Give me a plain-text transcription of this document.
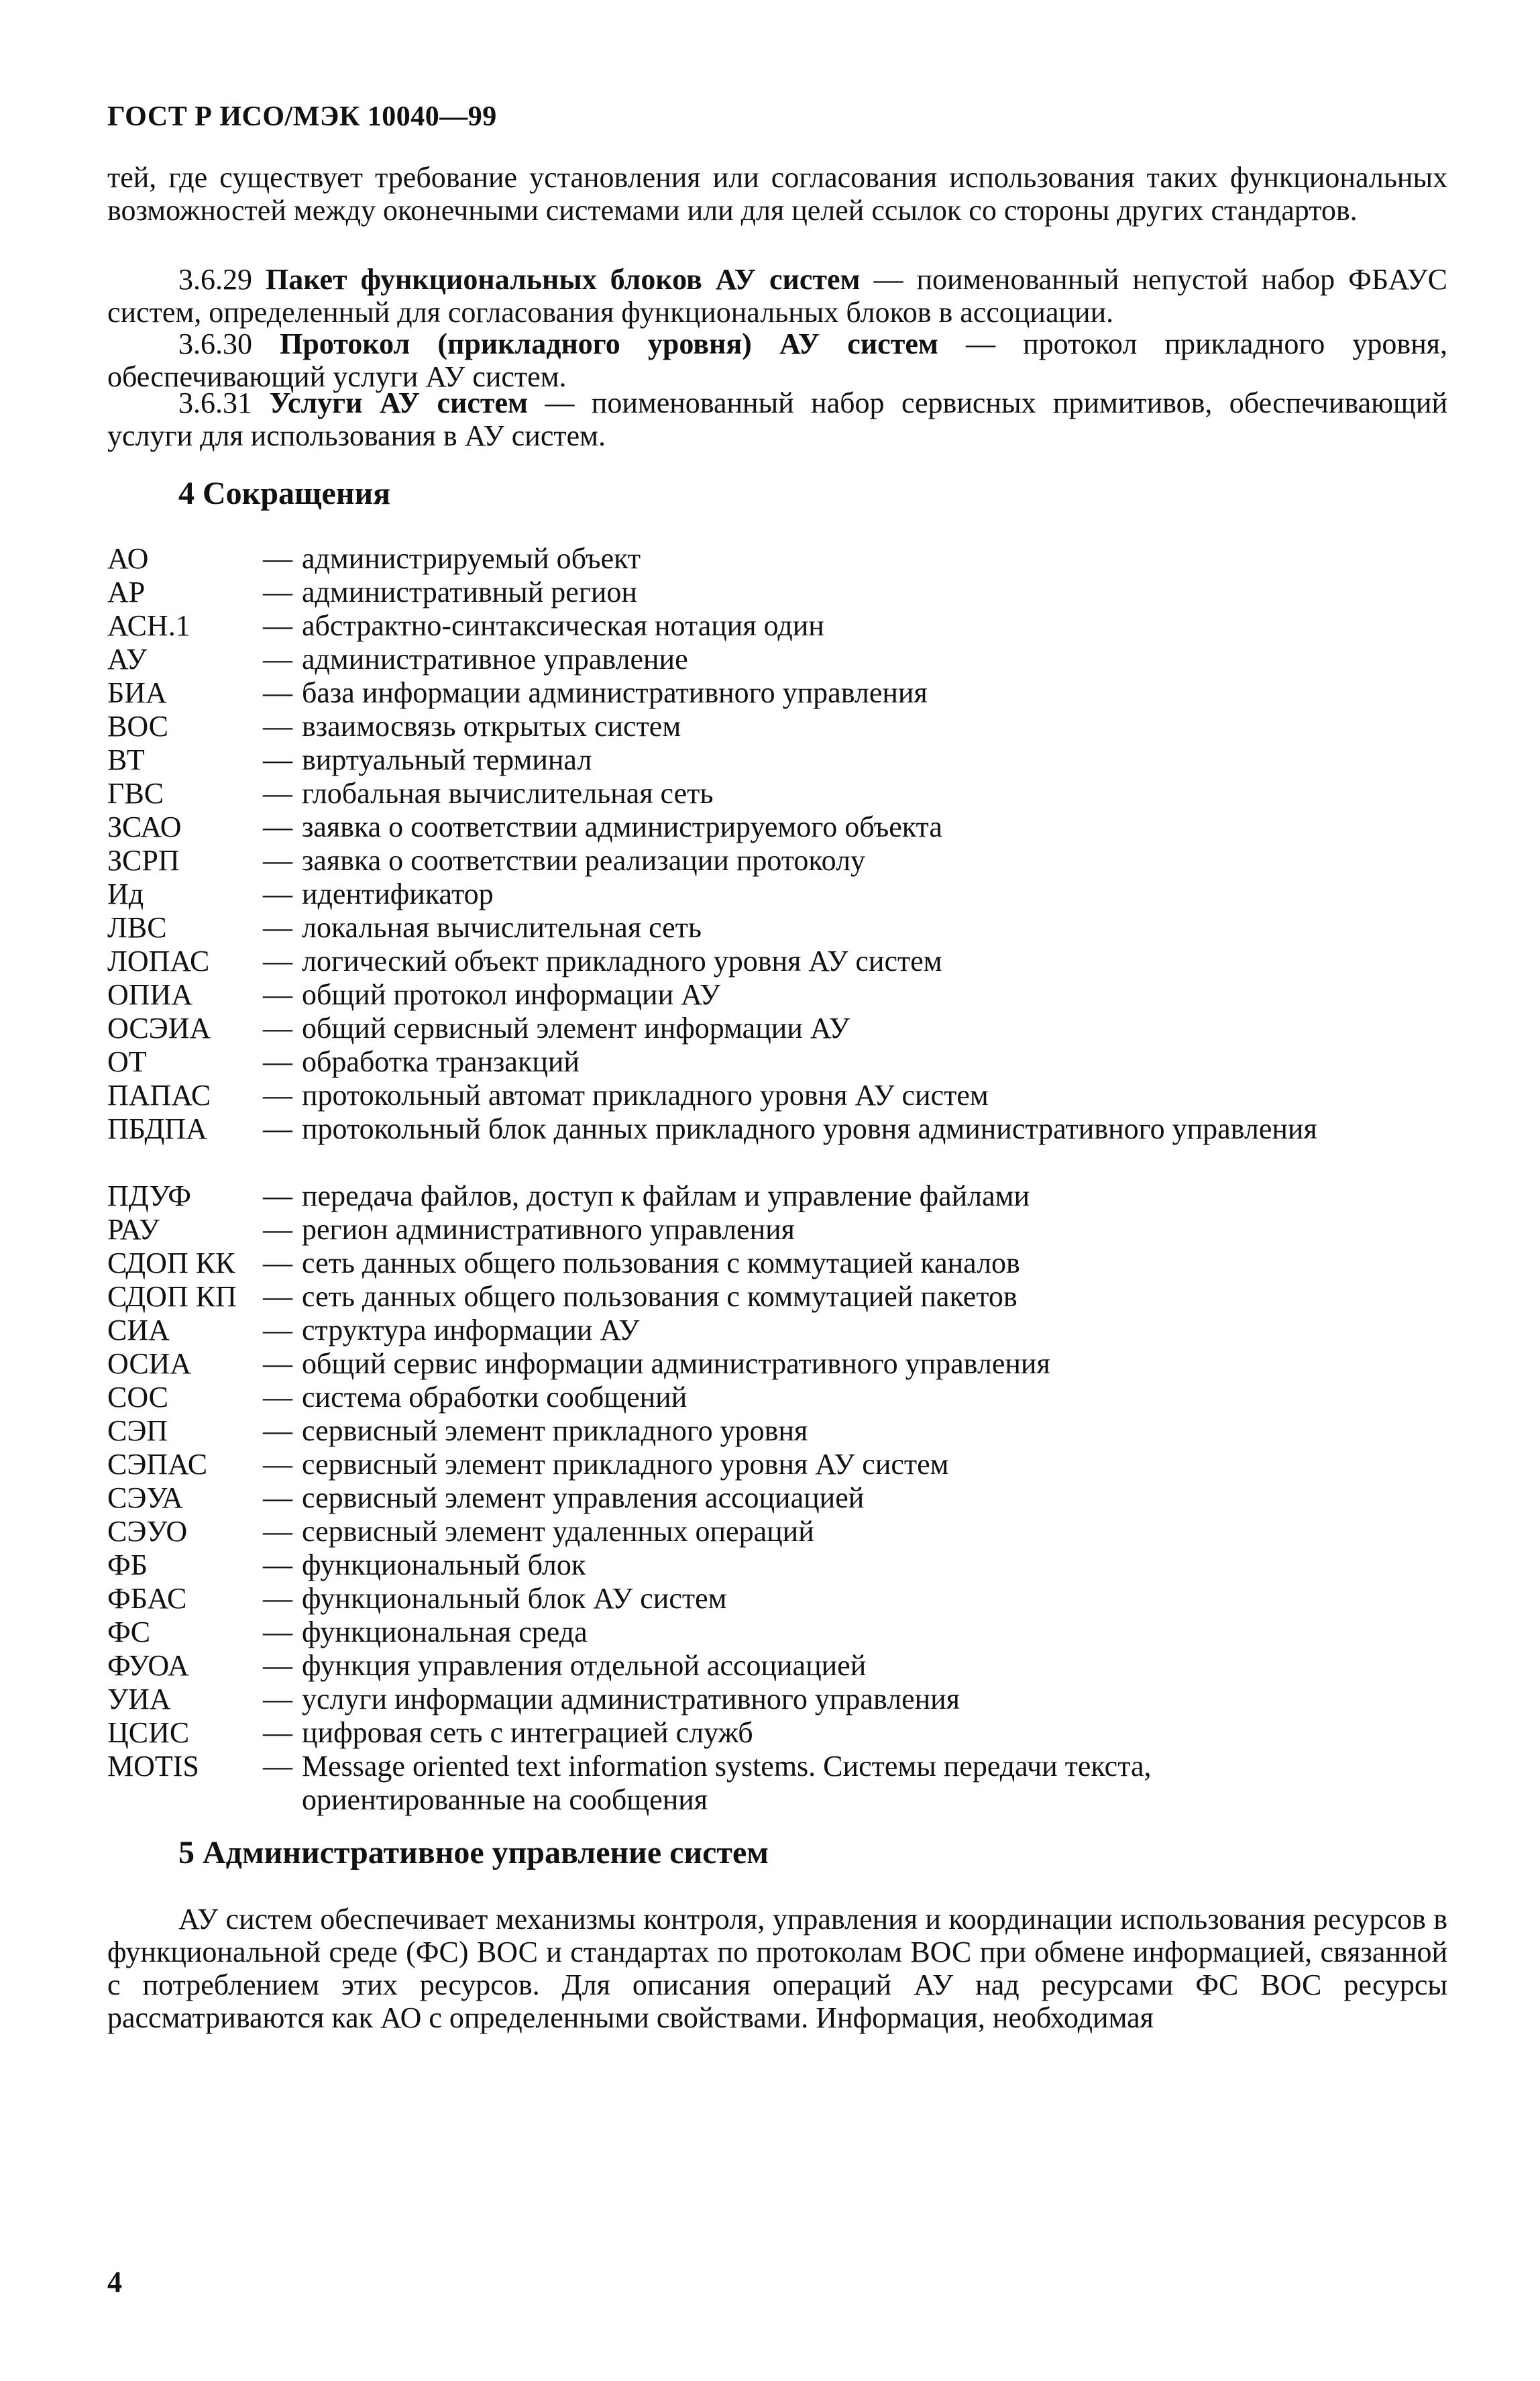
ГОСТ Р ИСО/МЭК 10040—99
тей, где существует требование установления или согласования использования таких функциональных возможностей между оконечными системами или для целей ссылок со стороны других стандартов.
3.6.29 Пакет функциональных блоков АУ систем — поименованный непустой набор ФБАУС систем, определенный для согласования функциональных блоков в ассоциации.
3.6.30 Протокол (прикладного уровня) АУ систем — протокол прикладного уровня, обеспечивающий услуги АУ систем.
3.6.31 Услуги АУ систем — поименованный набор сервисных примитивов, обеспечивающий услуги для использования в АУ систем.
4 Сокращения
АО	— администрируемый объект
АР	— административный регион
АСН.1 — абстрактно-синтаксическая нотация один
АУ	— административное управление
БИА	— база информации административного управления
ВОС	— взаимосвязь открытых систем
ВТ	— виртуальный терминал
ГВС	— глобальная вычислительная сеть
ЗСАО	— заявка о соответствии администрируемого объекта
ЗСРП	— заявка о соответствии реализации протоколу
Ид	— идентификатор
ЛВС	— локальная вычислительная сеть
ЛОПАС — логический объект прикладного уровня АУ систем
ОПИА — общий протокол информации АУ
ОСЭИА — общий сервисный элемент информации АУ
ОТ	— обработка транзакций
ПАПАС — протокольный автомат прикладного уровня АУ систем
ПБДПА — протокольный блок данных прикладного уровня административного управления
ПДУФ — передача файлов, доступ к файлам и управление файлами
РАУ	— регион административного управления
СДОП КК — сеть данных общего пользования с коммутацией каналов
СДОП КП — сеть данных общего пользования с коммутацией пакетов
СИА	— структура информации АУ
ОСИА — общий сервис информации административного управления
СОС	— система обработки сообщений
СЭП	— сервисный элемент прикладного уровня
СЭПАС — сервисный элемент прикладного уровня АУ систем
СЭУА	— сервисный элемент управления ассоциацией
СЭУО	— сервисный элемент удаленных операций
ФБ	— функциональный блок
ФБАС	— функциональный блок АУ систем
ФС	— функциональная среда
ФУОА	— функция управления отдельной ассоциацией
УИА	— услуги информации административного управления
ЦСИС — цифровая сеть с интеграцией служб
MOTIS — Message oriented text information systems. Системы передачи текста, ориентированные на сообщения
5 Административное управление систем
АУ систем обеспечивает механизмы контроля, управления и координации использования ресурсов в функциональной среде (ФС) ВОС и стандартах по протоколам ВОС при обмене информацией, связанной с потреблением этих ресурсов. Для описания операций АУ над ресурсами ФС ВОС ресурсы рассматриваются как АО с определенными свойствами. Информация, необходимая
4
